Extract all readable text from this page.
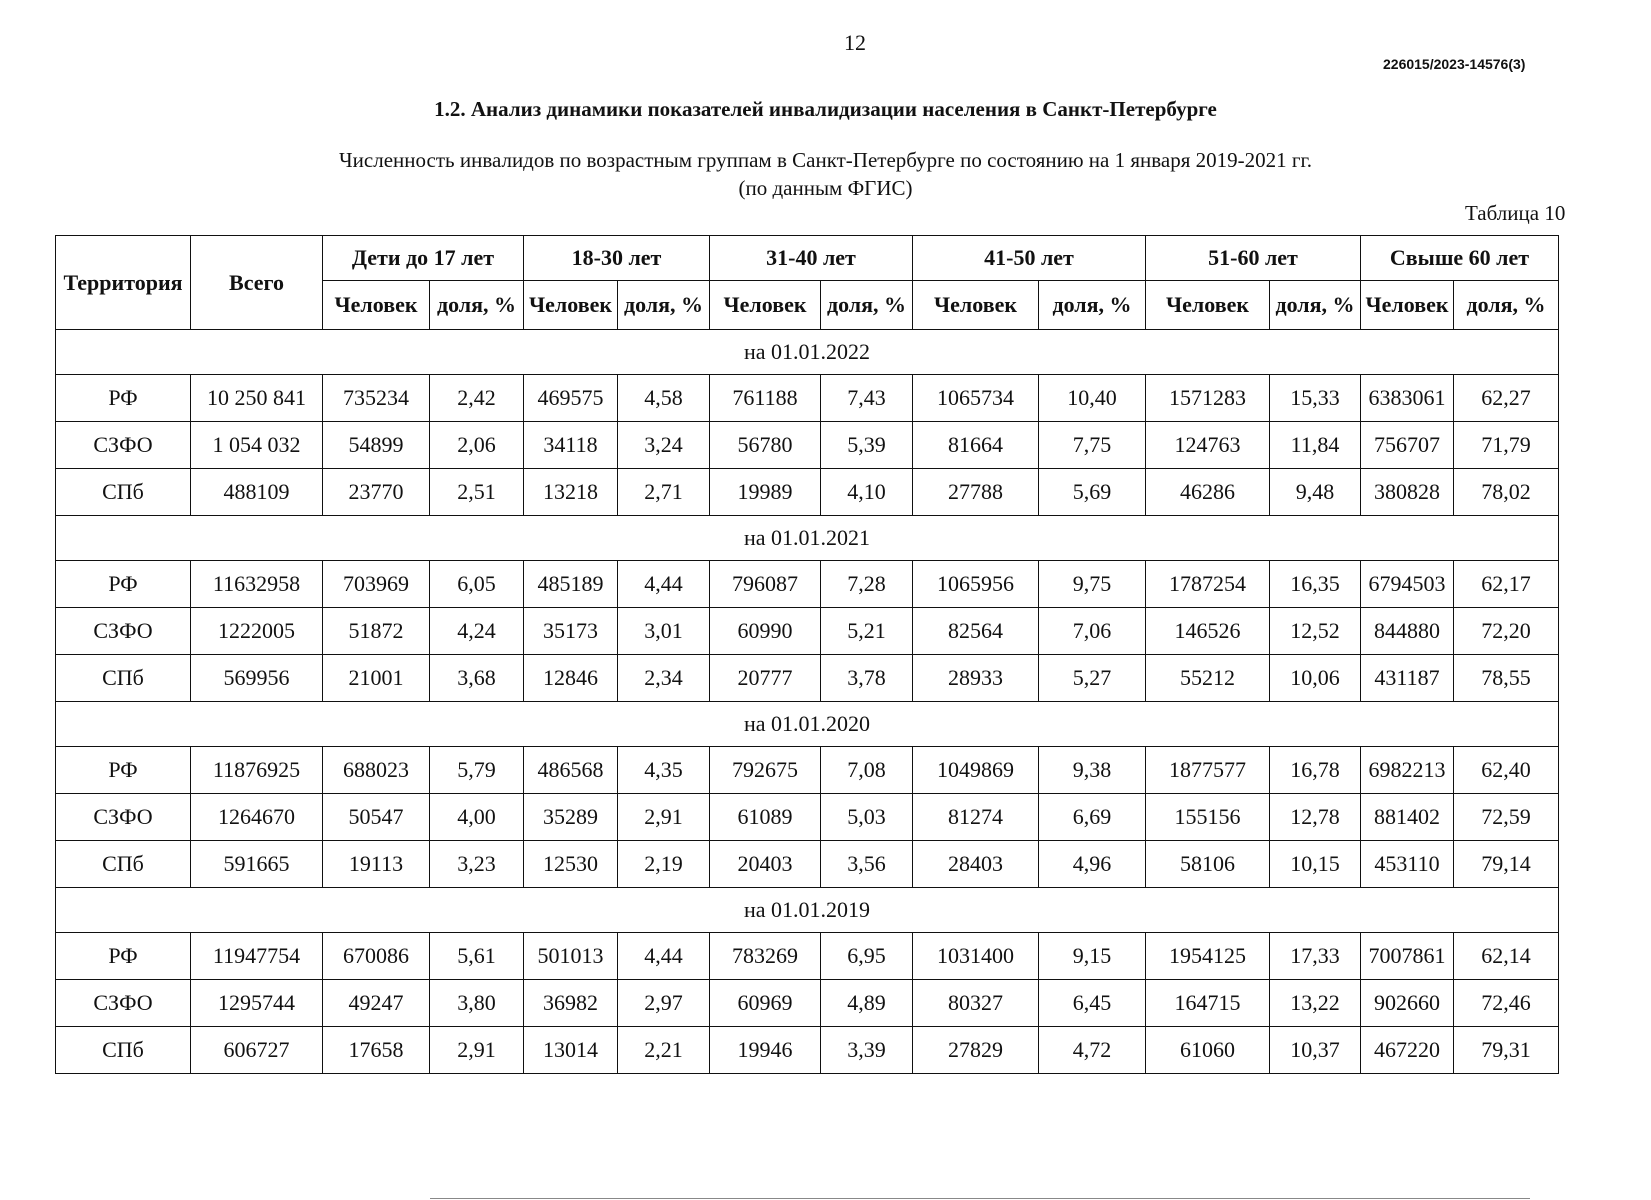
12
226015/2023-14576(3)
1.2. Анализ динамики показателей инвалидизации населения в Санкт-Петербурге
Численность инвалидов по возрастным группам в Санкт-Петербурге по состоянию на 1 января 2019-2021 гг.
(по данным ФГИС)
Таблица 10
Территория	Всего	Дети до 17 лет		18-30 лет		31-40 лет		41-50 лет		51-60 лет		Свыше 60 лет	
		Человек	доля, %	Человек	доля, %	Человек	доля, %	Человек	доля, %	Человек	доля, %	Человек	доля, %
на 01.01.2022													
РФ	10 250 841	735234	2,42	469575	4,58	761188	7,43	1065734	10,40	1571283	15,33	6383061	62,27
СЗФО	1 054 032	54899	2,06	34118	3,24	56780	5,39	81664	7,75	124763	11,84	756707	71,79
СПб	488109	23770	2,51	13218	2,71	19989	4,10	27788	5,69	46286	9,48	380828	78,02
на 01.01.2021													
РФ	11632958	703969	6,05	485189	4,44	796087	7,28	1065956	9,75	1787254	16,35	6794503	62,17
СЗФО	1222005	51872	4,24	35173	3,01	60990	5,21	82564	7,06	146526	12,52	844880	72,20
СПб	569956	21001	3,68	12846	2,34	20777	3,78	28933	5,27	55212	10,06	431187	78,55
на 01.01.2020													
РФ	11876925	688023	5,79	486568	4,35	792675	7,08	1049869	9,38	1877577	16,78	6982213	62,40
СЗФО	1264670	50547	4,00	35289	2,91	61089	5,03	81274	6,69	155156	12,78	881402	72,59
СПб	591665	19113	3,23	12530	2,19	20403	3,56	28403	4,96	58106	10,15	453110	79,14
на 01.01.2019													
РФ	11947754	670086	5,61	501013	4,44	783269	6,95	1031400	9,15	1954125	17,33	7007861	62,14
СЗФО	1295744	49247	3,80	36982	2,97	60969	4,89	80327	6,45	164715	13,22	902660	72,46
СПб	606727	17658	2,91	13014	2,21	19946	3,39	27829	4,72	61060	10,37	467220	79,31
